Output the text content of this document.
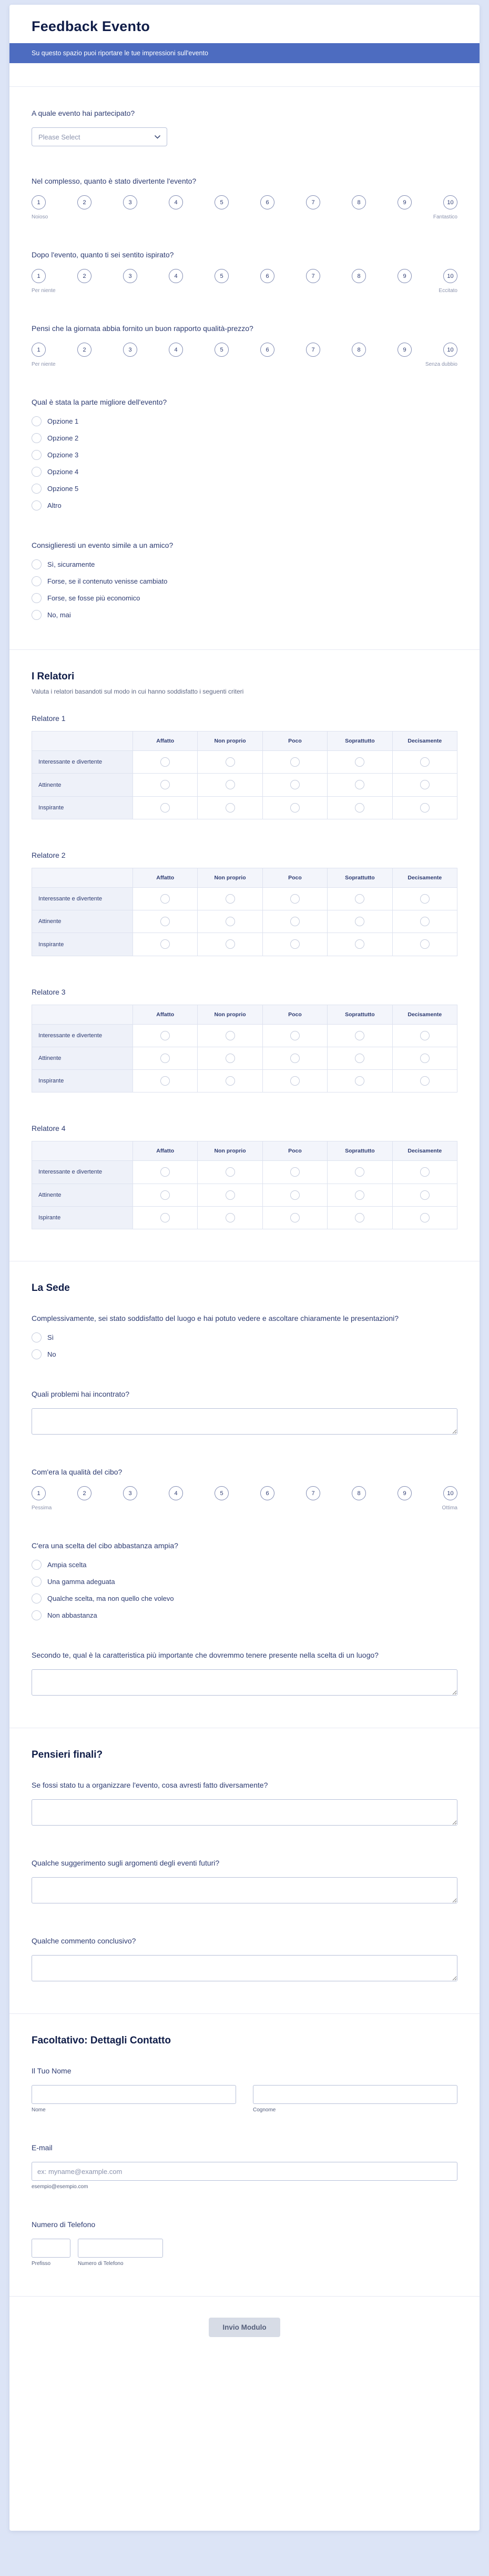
Feedback Evento
Su questo spazio puoi riportare le tue impressioni sull'evento
A quale evento hai partecipato?
Please Select
Nel complesso, quanto è stato divertente l'evento?
1	2	3	4	5	6	7	8	9	10
Noioso	Fantastico
Dopo l'evento, quanto ti sei sentito ispirato?
1	2	3	4	5	6	7	8	9	10
Per niente	Eccitato
Pensi che la giornata abbia fornito un buon rapporto qualità-prezzo?
1	2	3	4	5	6	7	8	9	10
Per niente	Senza dubbio
Qual è stata la parte migliore dell'evento?
Opzione 1
Opzione 2
Opzione 3
Opzione 4
Opzione 5
Altro
Consiglieresti un evento simile a un amico?
Sì, sicuramente
Forse, se il contenuto venisse cambiato
Forse, se fosse più economico
No, mai
I Relatori
Valuta i relatori basandoti sul modo in cui hanno soddisfatto i seguenti criteri
Relatore 1
	Affatto	Non proprio	Poco	Soprattutto	Decisamente
Interessante e divertente					
Attinente					
Inspirante					
Relatore 2
	Affatto	Non proprio	Poco	Soprattutto	Decisamente
Interessante e divertente					
Attinente					
Inspirante					
Relatore 3
	Affatto	Non proprio	Poco	Soprattutto	Decisamente
Interessante e divertente					
Attinente					
Inspirante					
Relatore 4
	Affatto	Non proprio	Poco	Soprattutto	Decisamente
Interessante e divertente					
Attinente					
Ispirante					
La Sede
Complessivamente, sei stato soddisfatto del luogo e hai potuto vedere e ascoltare chiaramente le presentazioni?
Sì
No
Quali problemi hai incontrato?
Com'era la qualità del cibo?
1	2	3	4	5	6	7	8	9	10
Pessima	Ottima
C'era una scelta del cibo abbastanza ampia?
Ampia scelta
Una gamma adeguata
Qualche scelta, ma non quello che volevo
Non abbastanza
Secondo te, qual è la caratteristica più importante che dovremmo tenere presente nella scelta di un luogo?
Pensieri finali?
Se fossi stato tu a organizzare l'evento, cosa avresti fatto diversamente?
Qualche suggerimento sugli argomenti degli eventi futuri?
Qualche commento conclusivo?
Facoltativo: Dettagli Contatto
Il Tuo Nome
Nome	Cognome
E-mail
ex: myname@example.com
esempio@esempio.com
Numero di Telefono
Prefisso	Numero di Telefono
Invio Modulo
